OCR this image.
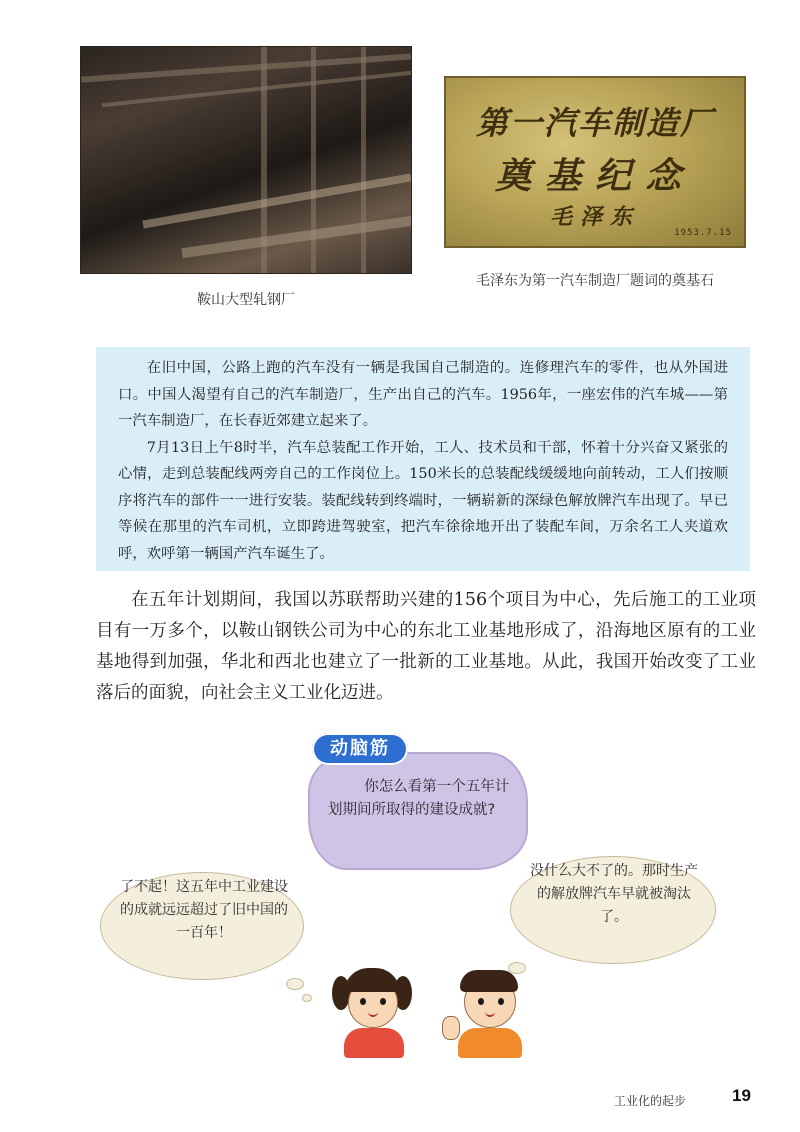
鞍山大型轧钢厂
第一汽车制造厂
奠基纪念
毛泽东
1953.7.15
毛泽东为第一汽车制造厂题词的奠基石

在旧中国，公路上跑的汽车没有一辆是我国自己制造的。连修理汽车的零件，也从外国进口。中国人渴望有自己的汽车制造厂，生产出自己的汽车。1956年，一座宏伟的汽车城——第一汽车制造厂，在长春近郊建立起来了。

7月13日上午8时半，汽车总装配工作开始，工人、技术员和干部，怀着十分兴奋又紧张的心情，走到总装配线两旁自己的工作岗位上。150米长的总装配线缓缓地向前转动，工人们按顺序将汽车的部件一一进行安装。装配线转到终端时，一辆崭新的深绿色解放牌汽车出现了。早已等候在那里的汽车司机，立即跨进驾驶室，把汽车徐徐地开出了装配车间，万余名工人夹道欢呼，欢呼第一辆国产汽车诞生了。

在五年计划期间，我国以苏联帮助兴建的156个项目为中心，先后施工的工业项目有一万多个，以鞍山钢铁公司为中心的东北工业基地形成了，沿海地区原有的工业基地得到加强，华北和西北也建立了一批新的工业基地。从此，我国开始改变了工业落后的面貌，向社会主义工业化迈进。

动脑筋
你怎么看第一个五年计划期间所取得的建设成就?
了不起！这五年中工业建设的成就远远超过了旧中国的一百年！
没什么大不了的。那时生产的解放牌汽车早就被淘汰了。
工业化的起步	19
